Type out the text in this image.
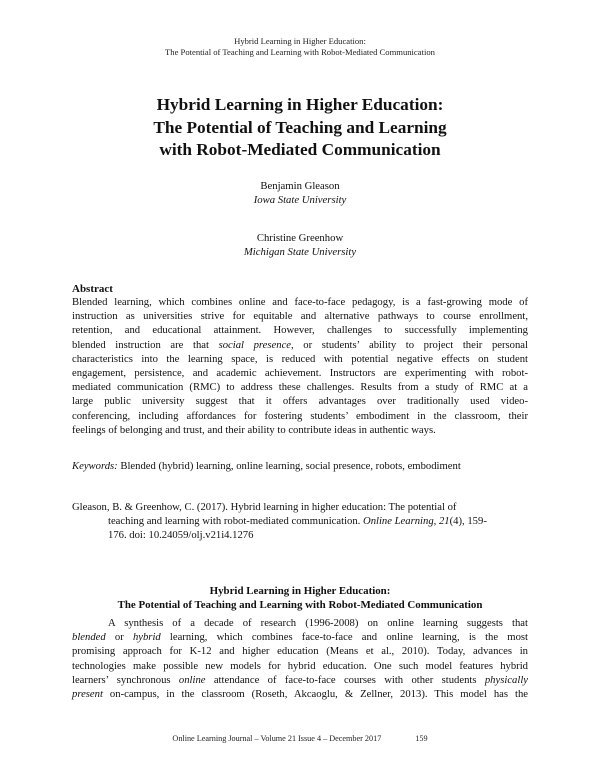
Hybrid Learning in Higher Education:
The Potential of Teaching and Learning with Robot-Mediated Communication
Hybrid Learning in Higher Education:
The Potential of Teaching and Learning
with Robot-Mediated Communication
Benjamin Gleason
Iowa State University
Christine Greenhow
Michigan State University
Abstract
Blended learning, which combines online and face-to-face pedagogy, is a fast-growing mode of
instruction as universities strive for equitable and alternative pathways to course enrollment,
retention, and educational attainment. However, challenges to successfully implementing
blended instruction are that social presence, or students’ ability to project their personal
characteristics into the learning space, is reduced with potential negative effects on student
engagement, persistence, and academic achievement. Instructors are experimenting with robot-
mediated communication (RMC) to address these challenges. Results from a study of RMC at a
large public university suggest that it offers advantages over traditionally used video-
conferencing, including affordances for fostering students’ embodiment in the classroom, their
feelings of belonging and trust, and their ability to contribute ideas in authentic ways.
Keywords: Blended (hybrid) learning, online learning, social presence, robots, embodiment
Gleason, B. & Greenhow, C. (2017). Hybrid learning in higher education: The potential of
teaching and learning with robot-mediated communication. Online Learning, 21(4), 159-
176. doi: 10.24059/olj.v21i4.1276
Hybrid Learning in Higher Education:
The Potential of Teaching and Learning with Robot-Mediated Communication
A synthesis of a decade of research (1996-2008) on online learning suggests that
blended or hybrid learning, which combines face-to-face and online learning, is the most
promising approach for K-12 and higher education (Means et al., 2010). Today, advances in
technologies make possible new models for hybrid education. One such model features hybrid
learners’ synchronous online attendance of face-to-face courses with other students physically
present on-campus, in the classroom (Roseth, Akcaoglu, & Zellner, 2013). This model has the
Online Learning Journal – Volume 21 Issue 4 – December 2017	159
